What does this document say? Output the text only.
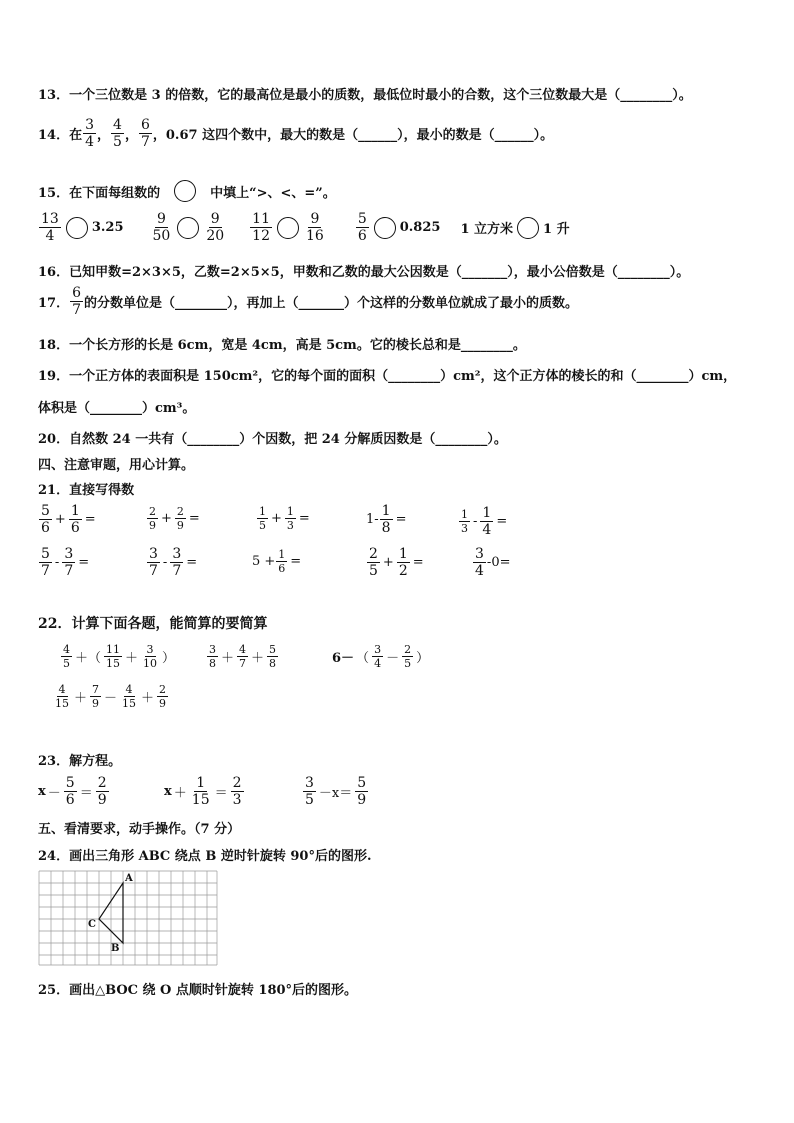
13．一个三位数是 3 的倍数，它的最高位是最小的质数，最低位时最小的合数，这个三位数最大是（________）。
14．在 $\frac{3}{4}$ ， $\frac{4}{5}$ ， $\frac{6}{7}$ ，0.67 这四个数中，最大的数是（______），最小的数是（______）。
15．在下面每组数的	中填上“>、<、=”。
$\frac{13}{4} 3.25 \frac{9}{50} \frac{9}{20} \frac{11}{12} \frac{9}{16} \frac{5}{6} 0.825$ 1 立方米 1 升
16．已知甲数=2×3×5，乙数=2×5×5，甲数和乙数的最大公因数是（_______），最小公倍数是（________）。
17． $\frac{6}{7}$ 的分数单位是（________），再加上（_______）个这样的分数单位就成了最小的质数。
18．一个长方形的长是 6cm，宽是 4cm，高是 5cm。它的棱长总和是________。
19．一个正方体的表面积是 150cm²，它的每个面的面积（________）cm²，这个正方体的棱长的和（________）cm，
体积是（________）cm³。
20．自然数 24 一共有（________）个因数，把 24 分解质因数是（________）。
四、注意审题，用心计算。
21．直接写得数
$\frac{5}{6} + \frac{1}{6}$ =	$\frac{2}{9} + \frac{2}{9}$ =	$\frac{1}{5} + \frac{1}{3}$ =	$1- \frac{1}{8}$ =	$\frac{1}{3} - \frac{1}{4}$ =
$\frac{5}{7} - \frac{3}{7}$ =	$\frac{3}{7} - \frac{3}{7}$ =	$5 + \frac{1}{6}$ =	$\frac{2}{5} + \frac{1}{2}$ =	$\frac{3}{4} -0=$
22．计算下面各题，能简算的要简算
$\frac{4}{5}$ ＋（ $\frac{11}{15} + \frac{3}{10}$ ）	$\frac{3}{8} + \frac{4}{7} + \frac{5}{8}$	6－ （ $\frac{3}{4} - \frac{2}{5}$ ）
$\frac{4}{15} + \frac{7}{9} - \frac{4}{15} + \frac{2}{9}$
23．解方程。
$x - \frac{5}{6} = \frac{2}{9}$	$x + \frac{1}{15} = \frac{2}{3}$	$\frac{3}{5} -x= \frac{5}{9}$
五、看清要求，动手操作。（7 分）
24．画出三角形 ABC 绕点 B 逆时针旋转 90°后的图形.
A
B
C
25．画出△BOC 绕 O 点顺时针旋转 180°后的图形。
